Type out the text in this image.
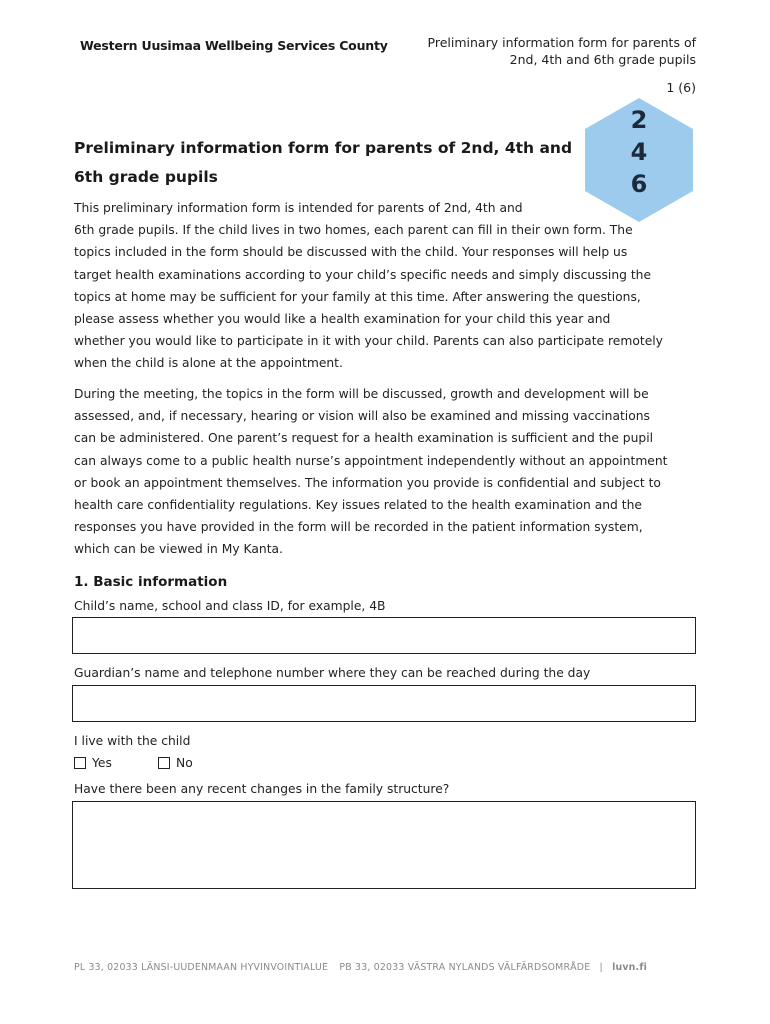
Western Uusimaa Wellbeing Services County	Preliminary information form for parents of
2nd, 4th and 6th grade pupils
1 (6)
2
4
6
Preliminary information form for parents of 2nd, 4th and 6th grade pupils
This preliminary information form is intended for parents of 2nd, 4th and
6th grade pupils. If the child lives in two homes, each parent can fill in their own form. The
topics included in the form should be discussed with the child. Your responses will help us
target health examinations according to your child’s specific needs and simply discussing the
topics at home may be sufficient for your family at this time. After answering the questions,
please assess whether you would like a health examination for your child this year and
whether you would like to participate in it with your child. Parents can also participate remotely
when the child is alone at the appointment.
During the meeting, the topics in the form will be discussed, growth and development will be
assessed, and, if necessary, hearing or vision will also be examined and missing vaccinations
can be administered. One parent’s request for a health examination is sufficient and the pupil
can always come to a public health nurse’s appointment independently without an appointment
or book an appointment themselves. The information you provide is confidential and subject to
health care confidentiality regulations. Key issues related to the health examination and the
responses you have provided in the form will be recorded in the patient information system,
which can be viewed in My Kanta.
1. Basic information
Child’s name, school and class ID, for example, 4B
Guardian’s name and telephone number where they can be reached during the day
I live with the child
Yes	No
Have there been any recent changes in the family structure?
PL 33, 02033 LÄNSI-UUDENMAAN HYVINVOINTIALUE PB 33, 02033 VÄSTRA NYLANDS VÄLFÄRDSOMRÅDE | luvn.fi
